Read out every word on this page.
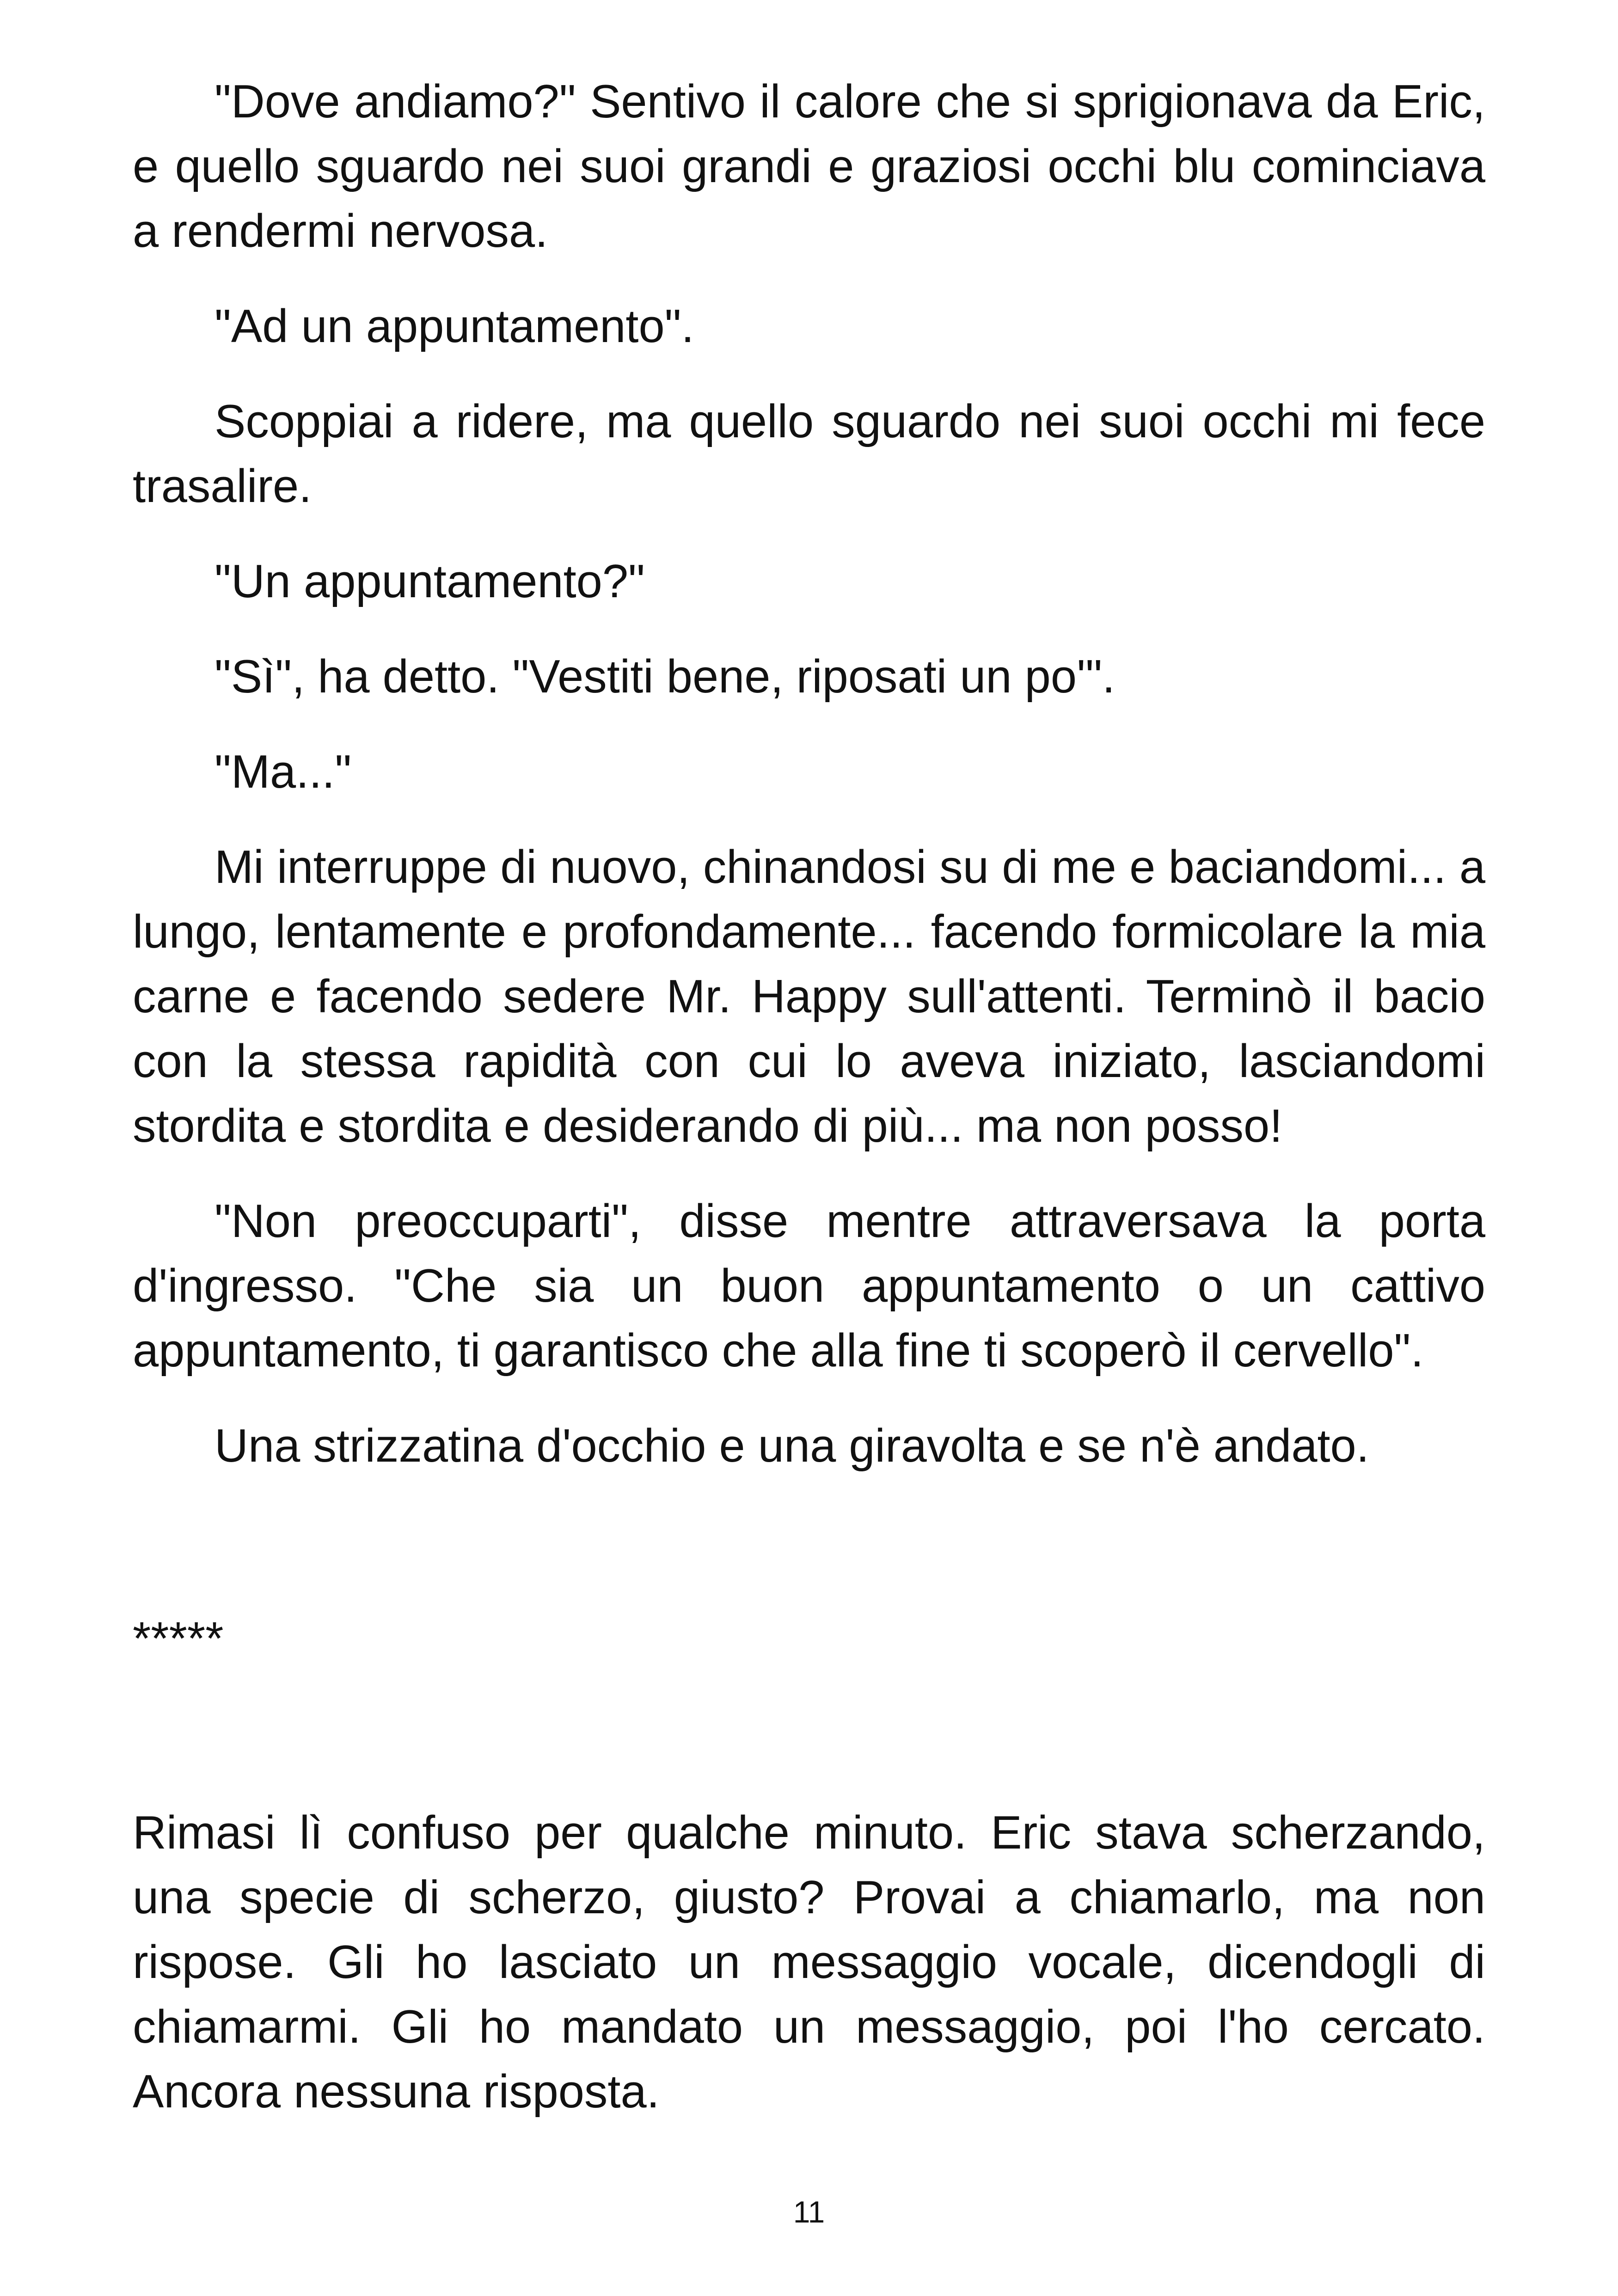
"Dove andiamo?" Sentivo il calore che si sprigionava da Eric, e quello sguardo nei suoi grandi e graziosi occhi blu cominciava a rendermi nervosa.

"Ad un appuntamento".

Scoppiai a ridere, ma quello sguardo nei suoi occhi mi fece trasalire.

"Un appuntamento?"

"Sì", ha detto. "Vestiti bene, riposati un po'".

"Ma..."

Mi interruppe di nuovo, chinandosi su di me e baciandomi... a lungo, lentamente e profondamente... facendo formicolare la mia carne e facendo sedere Mr. Happy sull'attenti. Terminò il bacio con la stessa rapidità con cui lo aveva iniziato, lasciandomi stordita e stordita e desiderando di più... ma non posso!

"Non preoccuparti", disse mentre attraversava la porta d'ingresso. "Che sia un buon appuntamento o un cattivo appuntamento, ti garantisco che alla fine ti scoperò il cervello".

Una strizzatina d'occhio e una giravolta e se n'è andato.

*****

Rimasi lì confuso per qualche minuto. Eric stava scherzando, una specie di scherzo, giusto? Provai a chiamarlo, ma non rispose. Gli ho lasciato un messaggio vocale, dicendogli di chiamarmi. Gli ho mandato un messaggio, poi l'ho cercato. Ancora nessuna risposta.

11
